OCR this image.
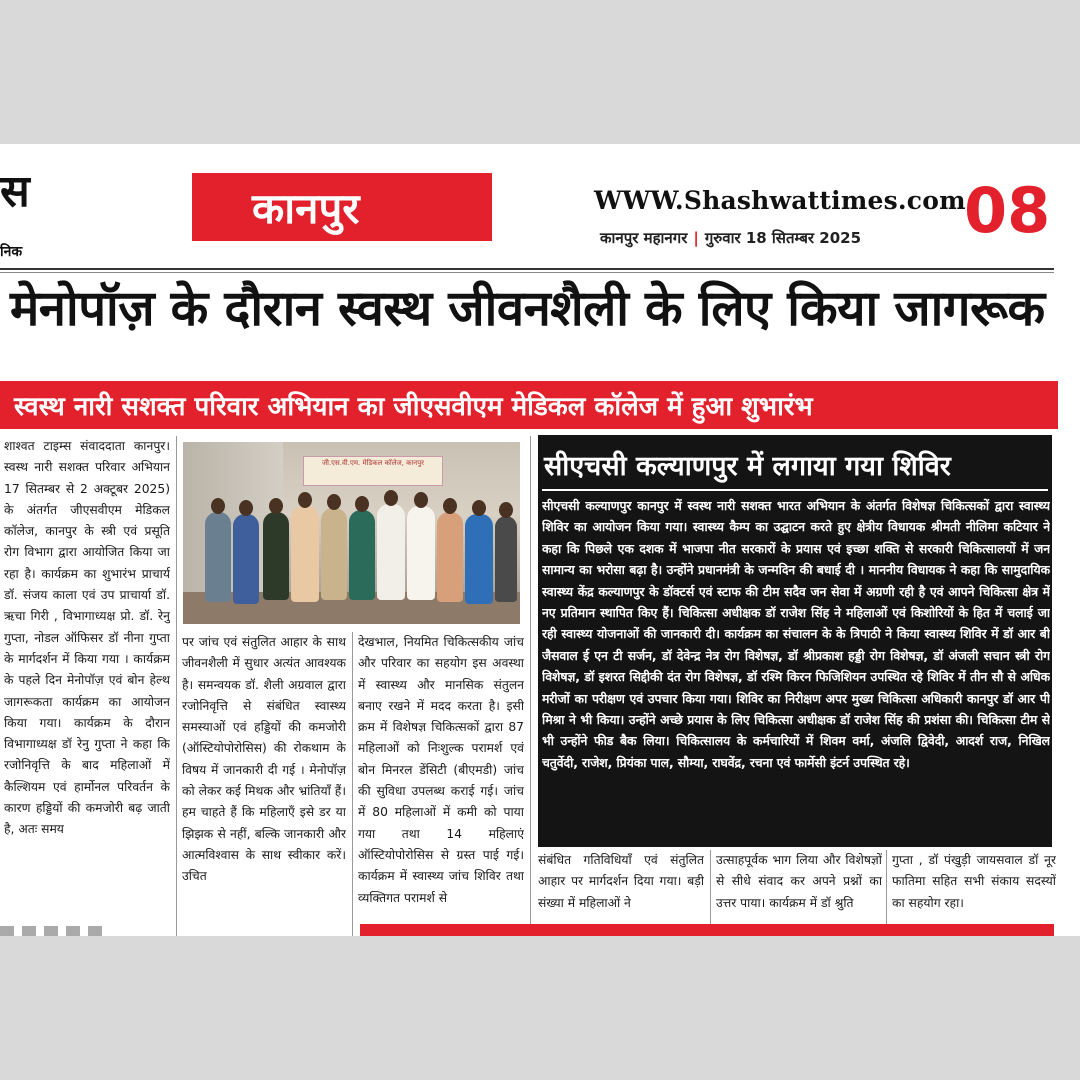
स
निक
कानपुर	WWW.Shashwattimes.com
कानपुर महानगर | गुरुवार 18 सितम्बर 2025 08
मेनोपॉज़ के दौरान स्वस्थ जीवनशैली के लिए किया जागरूक
स्वस्थ नारी सशक्त परिवार अभियान का जीएसवीएम मेडिकल कॉलेज में हुआ शुभारंभ
शाश्वत टाइम्स संवाददाता कानपुर। स्वस्थ नारी सशक्त परिवार अभियान 17 सितम्बर से 2 अक्टूबर 2025) के अंतर्गत जीएसवीएम मेडिकल कॉलेज, कानपुर के स्त्री एवं प्रसूति रोग विभाग द्वारा आयोजित किया जा रहा है। कार्यक्रम का शुभारंभ प्राचार्य डॉ. संजय काला एवं उप प्राचार्या डॉ. ऋचा गिरी , विभागाध्यक्ष प्रो. डॉ. रेनु गुप्ता, नोडल ऑफिसर डॉ नीना गुप्ता के मार्गदर्शन में किया गया । कार्यक्रम के पहले दिन मेनोपॉज़ एवं बोन हेल्थ जागरूकता कार्यक्रम का आयोजन किया गया। कार्यक्रम के दौरान विभागाध्यक्ष डॉ रेनु गुप्ता ने कहा कि रजोनिवृत्ति के बाद महिलाओं में कैल्शियम एवं हार्मोनल परिवर्तन के कारण हड्डियों की कमजोरी बढ़ जाती है, अतः समय
जी.एस.वी.एम. मेडिकल कॉलेज, कानपुर
पर जांच एवं संतुलित आहार के साथ जीवनशैली में सुधार अत्यंत आवश्यक है। समन्वयक डॉ. शैली अग्रवाल द्वारा रजोनिवृत्ति से संबंधित स्वास्थ्य समस्याओं एवं हड्डियों की कमजोरी (ऑस्टियोपोरोसिस) की रोकथाम के विषय में जानकारी दी गई । मेनोपॉज़ को लेकर कई मिथक और भ्रांतियाँ हैं। हम चाहते हैं कि महिलाएँ इसे डर या झिझक से नहीं, बल्कि जानकारी और आत्मविश्वास के साथ स्वीकार करें। उचित
देखभाल, नियमित चिकित्सकीय जांच और परिवार का सहयोग इस अवस्था में स्वास्थ्य और मानसिक संतुलन बनाए रखने में मदद करता है। इसी क्रम में विशेषज्ञ चिकित्सकों द्वारा 87 महिलाओं को निःशुल्क परामर्श एवं बोन मिनरल डेंसिटी (बीएमडी) जांच की सुविधा उपलब्ध कराई गई। जांच में 80 महिलाओं में कमी को पाया गया तथा 14 महिलाएं ऑस्टियोपोरोसिस से ग्रस्त पाई गई। कार्यक्रम में स्वास्थ्य जांच शिविर तथा व्यक्तिगत परामर्श से
सीएचसी कल्याणपुर में लगाया गया शिविर
सीएचसी कल्याणपुर कानपुर में स्वस्थ नारी सशक्त भारत अभियान के अंतर्गत विशेषज्ञ चिकित्सकों द्वारा स्वास्थ्य शिविर का आयोजन किया गया। स्वास्थ्य कैम्प का उद्घाटन करते हुए क्षेत्रीय विधायक श्रीमती नीलिमा कटियार ने कहा कि पिछले एक दशक में भाजपा नीत सरकारों के प्रयास एवं इच्छा शक्ति से सरकारी चिकित्सालयों में जन सामान्य का भरोसा बढ़ा है। उन्होंने प्रधानमंत्री के जन्मदिन की बधाई दी । माननीय विधायक ने कहा कि सामुदायिक स्वास्थ्य केंद्र कल्याणपुर के डॉक्टर्स एवं स्टाफ की टीम सदैव जन सेवा में अग्रणी रही है एवं आपने चिकित्सा क्षेत्र में नए प्रतिमान स्थापित किए हैं। चिकित्सा अधीक्षक डॉ राजेश सिंह ने महिलाओं एवं किशोरियों के हित में चलाई जा रही स्वास्थ्य योजनाओं की जानकारी दी। कार्यक्रम का संचालन के के त्रिपाठी ने किया स्वास्थ्य शिविर में डॉ आर बी जैसवाल ई एन टी सर्जन, डॉ देवेन्द्र नेत्र रोग विशेषज्ञ, डॉ श्रीप्रकाश हड्डी रोग विशेषज्ञ, डॉ अंजली सचान स्त्री रोग विशेषज्ञ, डॉ इशरत सिद्दीकी दंत रोग विशेषज्ञ, डॉ रश्मि किरन फिजिशियन उपस्थित रहे शिविर में तीन सौ से अधिक मरीजों का परीक्षण एवं उपचार किया गया। शिविर का निरीक्षण अपर मुख्य चिकित्सा अधिकारी कानपुर डॉ आर पी मिश्रा ने भी किया। उन्होंने अच्छे प्रयास के लिए चिकित्सा अधीक्षक डॉ राजेश सिंह की प्रशंसा की। चिकित्सा टीम से भी उन्होंने फीड बैक लिया। चिकित्सालय के कर्मचारियों में शिवम वर्मा, अंजलि द्विवेदी, आदर्श राज, निखिल चतुर्वेदी, राजेश, प्रियंका पाल, सौम्या, राघवेंद्र, रचना एवं फार्मेसी इंटर्न उपस्थित रहे।
संबंधित गतिविधियाँ एवं संतुलित आहार पर मार्गदर्शन दिया गया। बड़ी संख्या में महिलाओं ने
उत्साहपूर्वक भाग लिया और विशेषज्ञों से सीधे संवाद कर अपने प्रश्नों का उत्तर पाया। कार्यक्रम में डॉ श्रुति
गुप्ता , डॉ पंखुड़ी जायसवाल डॉ नूर फातिमा सहित सभी संकाय सदस्यों का सहयोग रहा।
